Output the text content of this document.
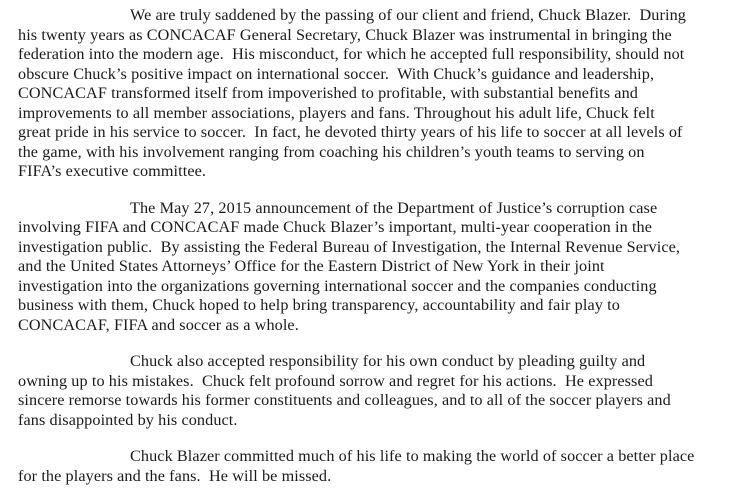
We are truly saddened by the passing of our client and friend, Chuck Blazer.  During
his twenty years as CONCACAF General Secretary, Chuck Blazer was instrumental in bringing the
federation into the modern age.  His misconduct, for which he accepted full responsibility, should not
obscure Chuck’s positive impact on international soccer.  With Chuck’s guidance and leadership,
CONCACAF transformed itself from impoverished to profitable, with substantial benefits and
improvements to all member associations, players and fans. Throughout his adult life, Chuck felt
great pride in his service to soccer.  In fact, he devoted thirty years of his life to soccer at all levels of
the game, with his involvement ranging from coaching his children’s youth teams to serving on
FIFA’s executive committee.

The May 27, 2015 announcement of the Department of Justice’s corruption case
involving FIFA and CONCACAF made Chuck Blazer’s important, multi-year cooperation in the
investigation public.  By assisting the Federal Bureau of Investigation, the Internal Revenue Service,
and the United States Attorneys’ Office for the Eastern District of New York in their joint
investigation into the organizations governing international soccer and the companies conducting
business with them, Chuck hoped to help bring transparency, accountability and fair play to
CONCACAF, FIFA and soccer as a whole.

Chuck also accepted responsibility for his own conduct by pleading guilty and
owning up to his mistakes.  Chuck felt profound sorrow and regret for his actions.  He expressed
sincere remorse towards his former constituents and colleagues, and to all of the soccer players and
fans disappointed by his conduct.

Chuck Blazer committed much of his life to making the world of soccer a better place
for the players and the fans.  He will be missed.
